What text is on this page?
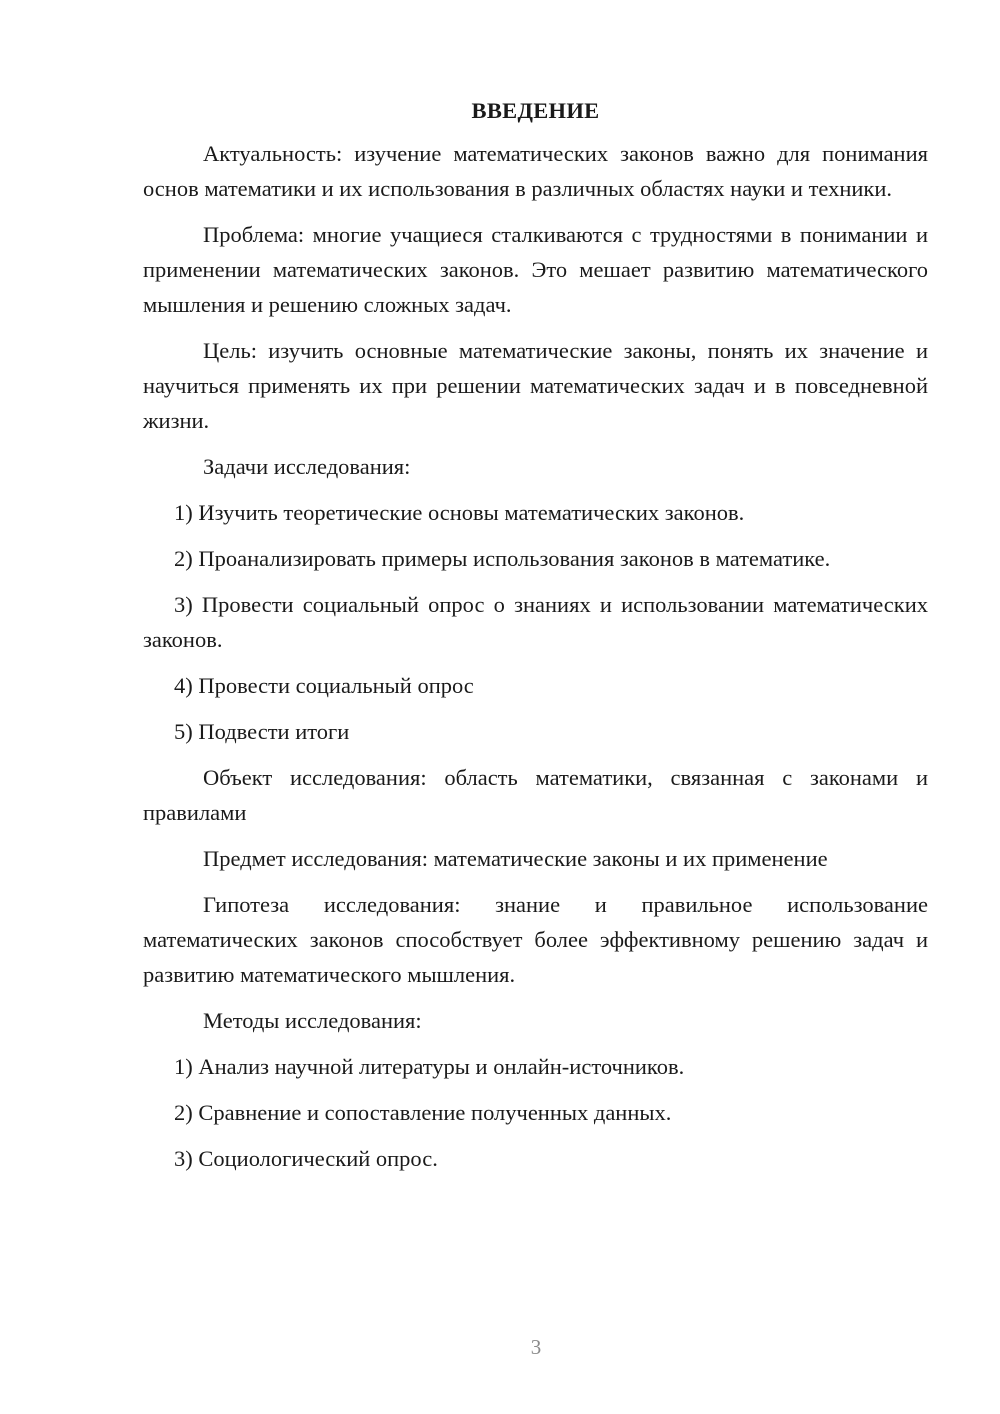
ВВЕДЕНИЕ

Актуальность: изучение математических законов важно для понимания основ математики и их использования в различных областях науки и техники.

Проблема: многие учащиеся сталкиваются с трудностями в понимании и применении математических законов. Это мешает развитию математического мышления и решению сложных задач.

Цель: изучить основные математические законы, понять их значение и научиться применять их при решении математических задач и в повседневной жизни.

Задачи исследования:

1) Изучить теоретические основы математических законов.

2) Проанализировать примеры использования законов в математике.

3) Провести социальный опрос о знаниях и использовании математических законов.

4) Провести социальный опрос

5) Подвести итоги

Объект исследования: область математики, связанная с законами и правилами

Предмет исследования: математические законы и их применение

Гипотеза исследования: знание и правильное использование математических законов способствует более эффективному решению задач и развитию математического мышления.

Методы исследования:

1) Анализ научной литературы и онлайн-источников.

2) Сравнение и сопоставление полученных данных.

3) Социологический опрос.

3
